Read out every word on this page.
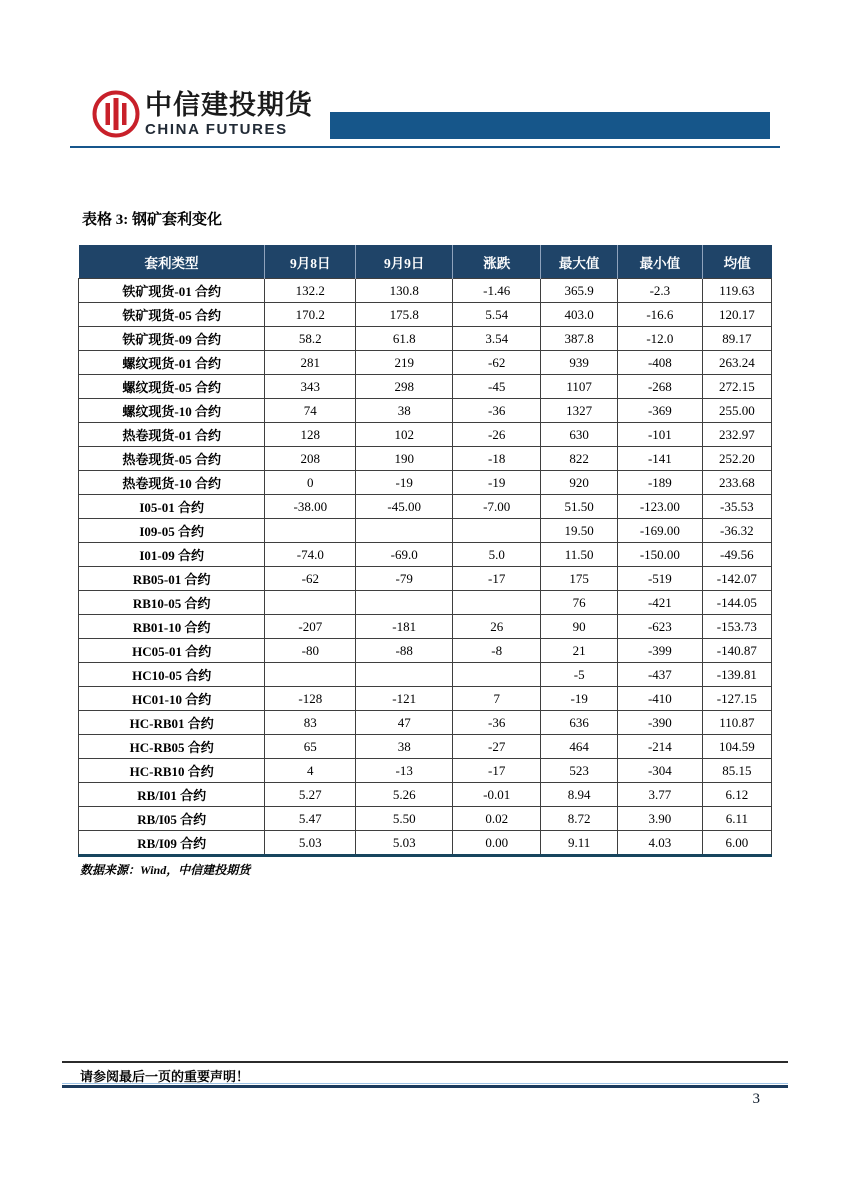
中信建投期货
CHINA FUTURES
表格 3: 钢矿套利变化
套利类型	9月8日	9月9日	涨跌	最大值	最小值	均值
铁矿现货-01 合约	132.2	130.8	-1.46	365.9	-2.3	119.63
铁矿现货-05 合约	170.2	175.8	5.54	403.0	-16.6	120.17
铁矿现货-09 合约	58.2	61.8	3.54	387.8	-12.0	89.17
螺纹现货-01 合约	281	219	-62	939	-408	263.24
螺纹现货-05 合约	343	298	-45	1107	-268	272.15
螺纹现货-10 合约	74	38	-36	1327	-369	255.00
热卷现货-01 合约	128	102	-26	630	-101	232.97
热卷现货-05 合约	208	190	-18	822	-141	252.20
热卷现货-10 合约	0	-19	-19	920	-189	233.68
I05-01 合约	-38.00	-45.00	-7.00	51.50	-123.00	-35.53
I09-05 合约				19.50	-169.00	-36.32
I01-09 合约	-74.0	-69.0	5.0	11.50	-150.00	-49.56
RB05-01 合约	-62	-79	-17	175	-519	-142.07
RB10-05 合约				76	-421	-144.05
RB01-10 合约	-207	-181	26	90	-623	-153.73
HC05-01 合约	-80	-88	-8	21	-399	-140.87
HC10-05 合约				-5	-437	-139.81
HC01-10 合约	-128	-121	7	-19	-410	-127.15
HC-RB01 合约	83	47	-36	636	-390	110.87
HC-RB05 合约	65	38	-27	464	-214	104.59
HC-RB10 合约	4	-13	-17	523	-304	85.15
RB/I01 合约	5.27	5.26	-0.01	8.94	3.77	6.12
RB/I05 合约	5.47	5.50	0.02	8.72	3.90	6.11
RB/I09 合约	5.03	5.03	0.00	9.11	4.03	6.00
数据来源：Wind，中信建投期货
请参阅最后一页的重要声明！
3
